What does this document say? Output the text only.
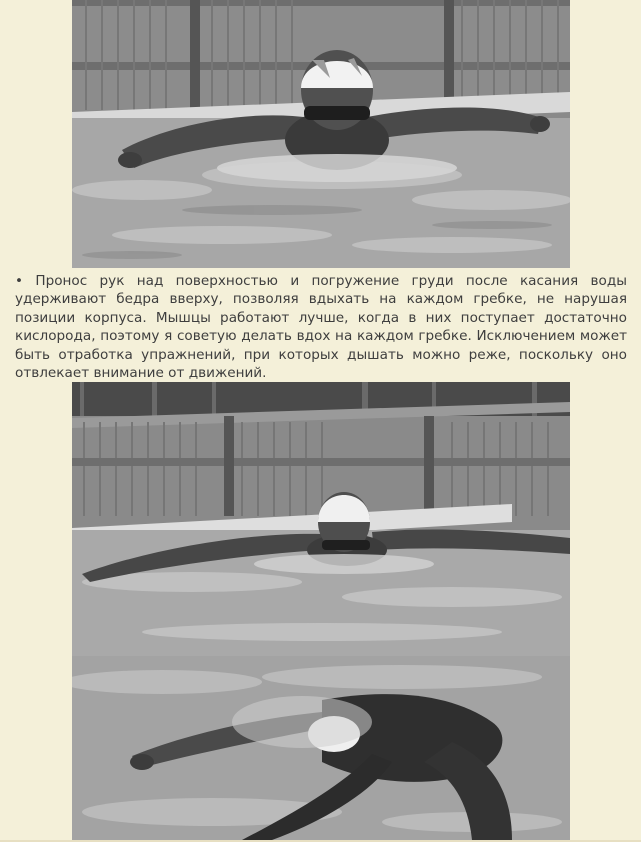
• Пронос рук над поверхностью и погружение груди после касания воды удерживают бедра вверху, позволяя вдыхать на каждом гребке, не нарушая позиции корпуса. Мышцы работают лучше, когда в них поступает достаточно кислорода, поэтому я советую делать вдох на каждом гребке. Исключением может быть отработка упражнений, при которых дышать можно реже, поскольку оно отвлекает внимание от движений.
